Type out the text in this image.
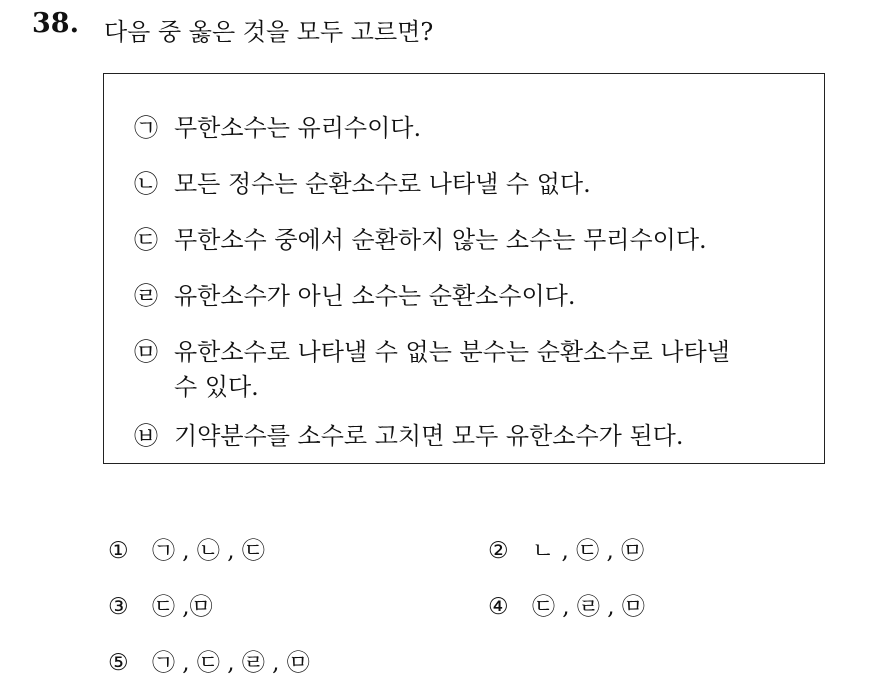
38. 다음 중 옳은 것을 모두 고르면?
㉠ 무한소수는 유리수이다.
㉡ 모든 정수는 순환소수로 나타낼 수 없다.
㉢ 무한소수 중에서 순환하지 않는 소수는 무리수이다.
㉣ 유한소수가 아닌 소수는 순환소수이다.
㉤ 유한소수로 나타낼 수 없는 분수는 순환소수로 나타낼
수 있다.
㉥ 기약분수를 소수로 고치면 모두 유한소수가 된다.
① ㉠ , ㉡ , ㉢	② ㄴ , ㉢ , ㉤
③ ㉢ ,㉤	④ ㉢ , ㉣ , ㉤
⑤ ㉠ , ㉢ , ㉣ , ㉤
